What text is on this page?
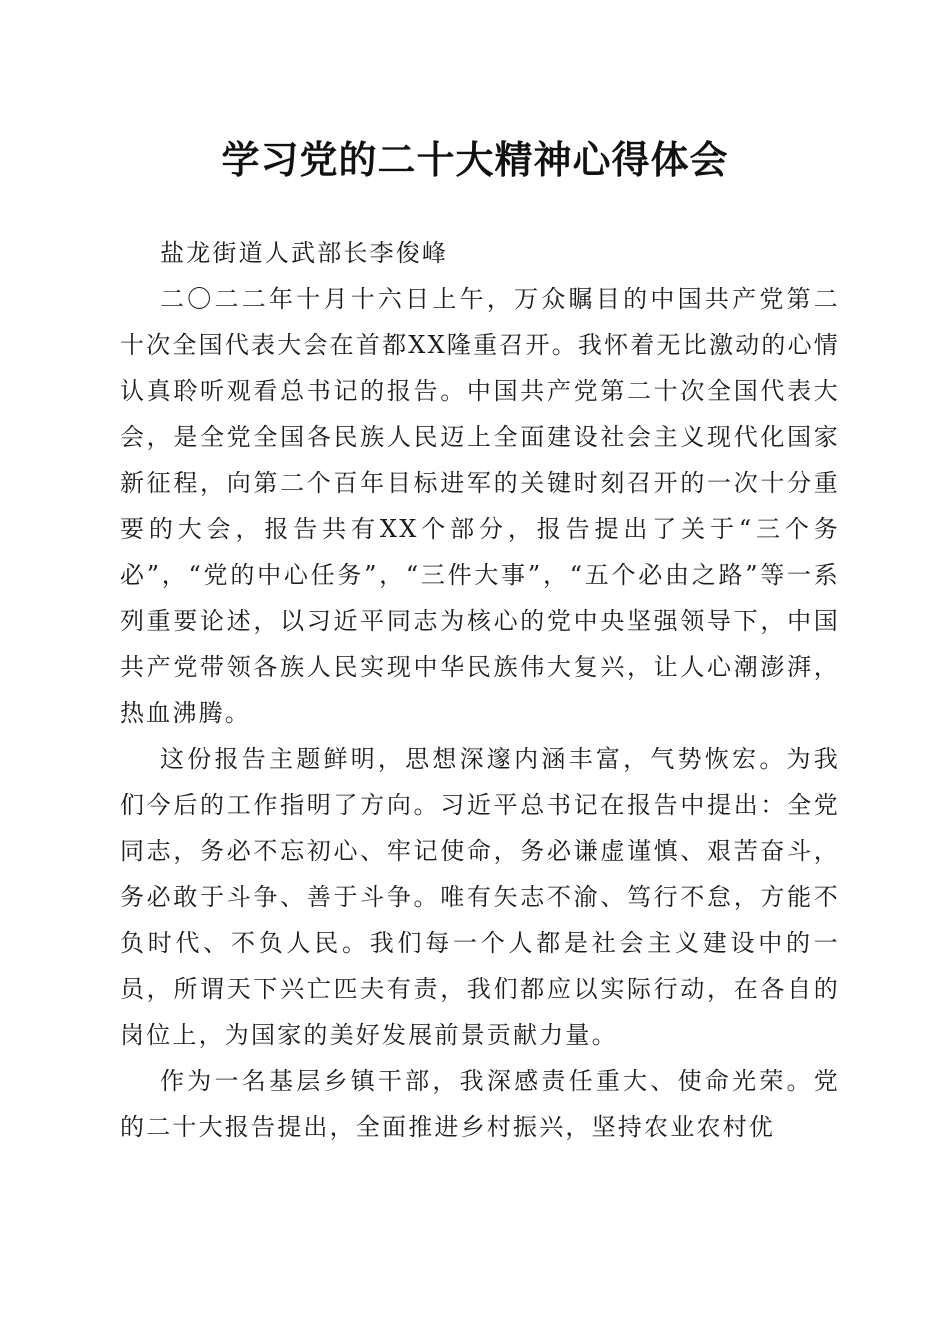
学习党的二十大精神心得体会

盐龙街道人武部长李俊峰

二〇二二年十月十六日上午，万众瞩目的中国共产党第二十次全国代表大会在首都XX隆重召开。我怀着无比激动的心情认真聆听观看总书记的报告。中国共产党第二十次全国代表大会，是全党全国各民族人民迈上全面建设社会主义现代化国家新征程，向第二个百年目标进军的关键时刻召开的一次十分重要的大会，报告共有XX个部分，报告提出了关于“三个务必”，“党的中心任务”，“三件大事”，“五个必由之路”等一系列重要论述，以习近平同志为核心的党中央坚强领导下，中国共产党带领各族人民实现中华民族伟大复兴，让人心潮澎湃，热血沸腾。

这份报告主题鲜明，思想深邃内涵丰富，气势恢宏。为我们今后的工作指明了方向。习近平总书记在报告中提出：全党同志，务必不忘初心、牢记使命，务必谦虚谨慎、艰苦奋斗，务必敢于斗争、善于斗争。唯有矢志不渝、笃行不怠，方能不负时代、不负人民。我们每一个人都是社会主义建设中的一员，所谓天下兴亡匹夫有责，我们都应以实际行动，在各自的岗位上，为国家的美好发展前景贡献力量。

作为一名基层乡镇干部，我深感责任重大、使命光荣。党的二十大报告提出，全面推进乡村振兴，坚持农业农村优
